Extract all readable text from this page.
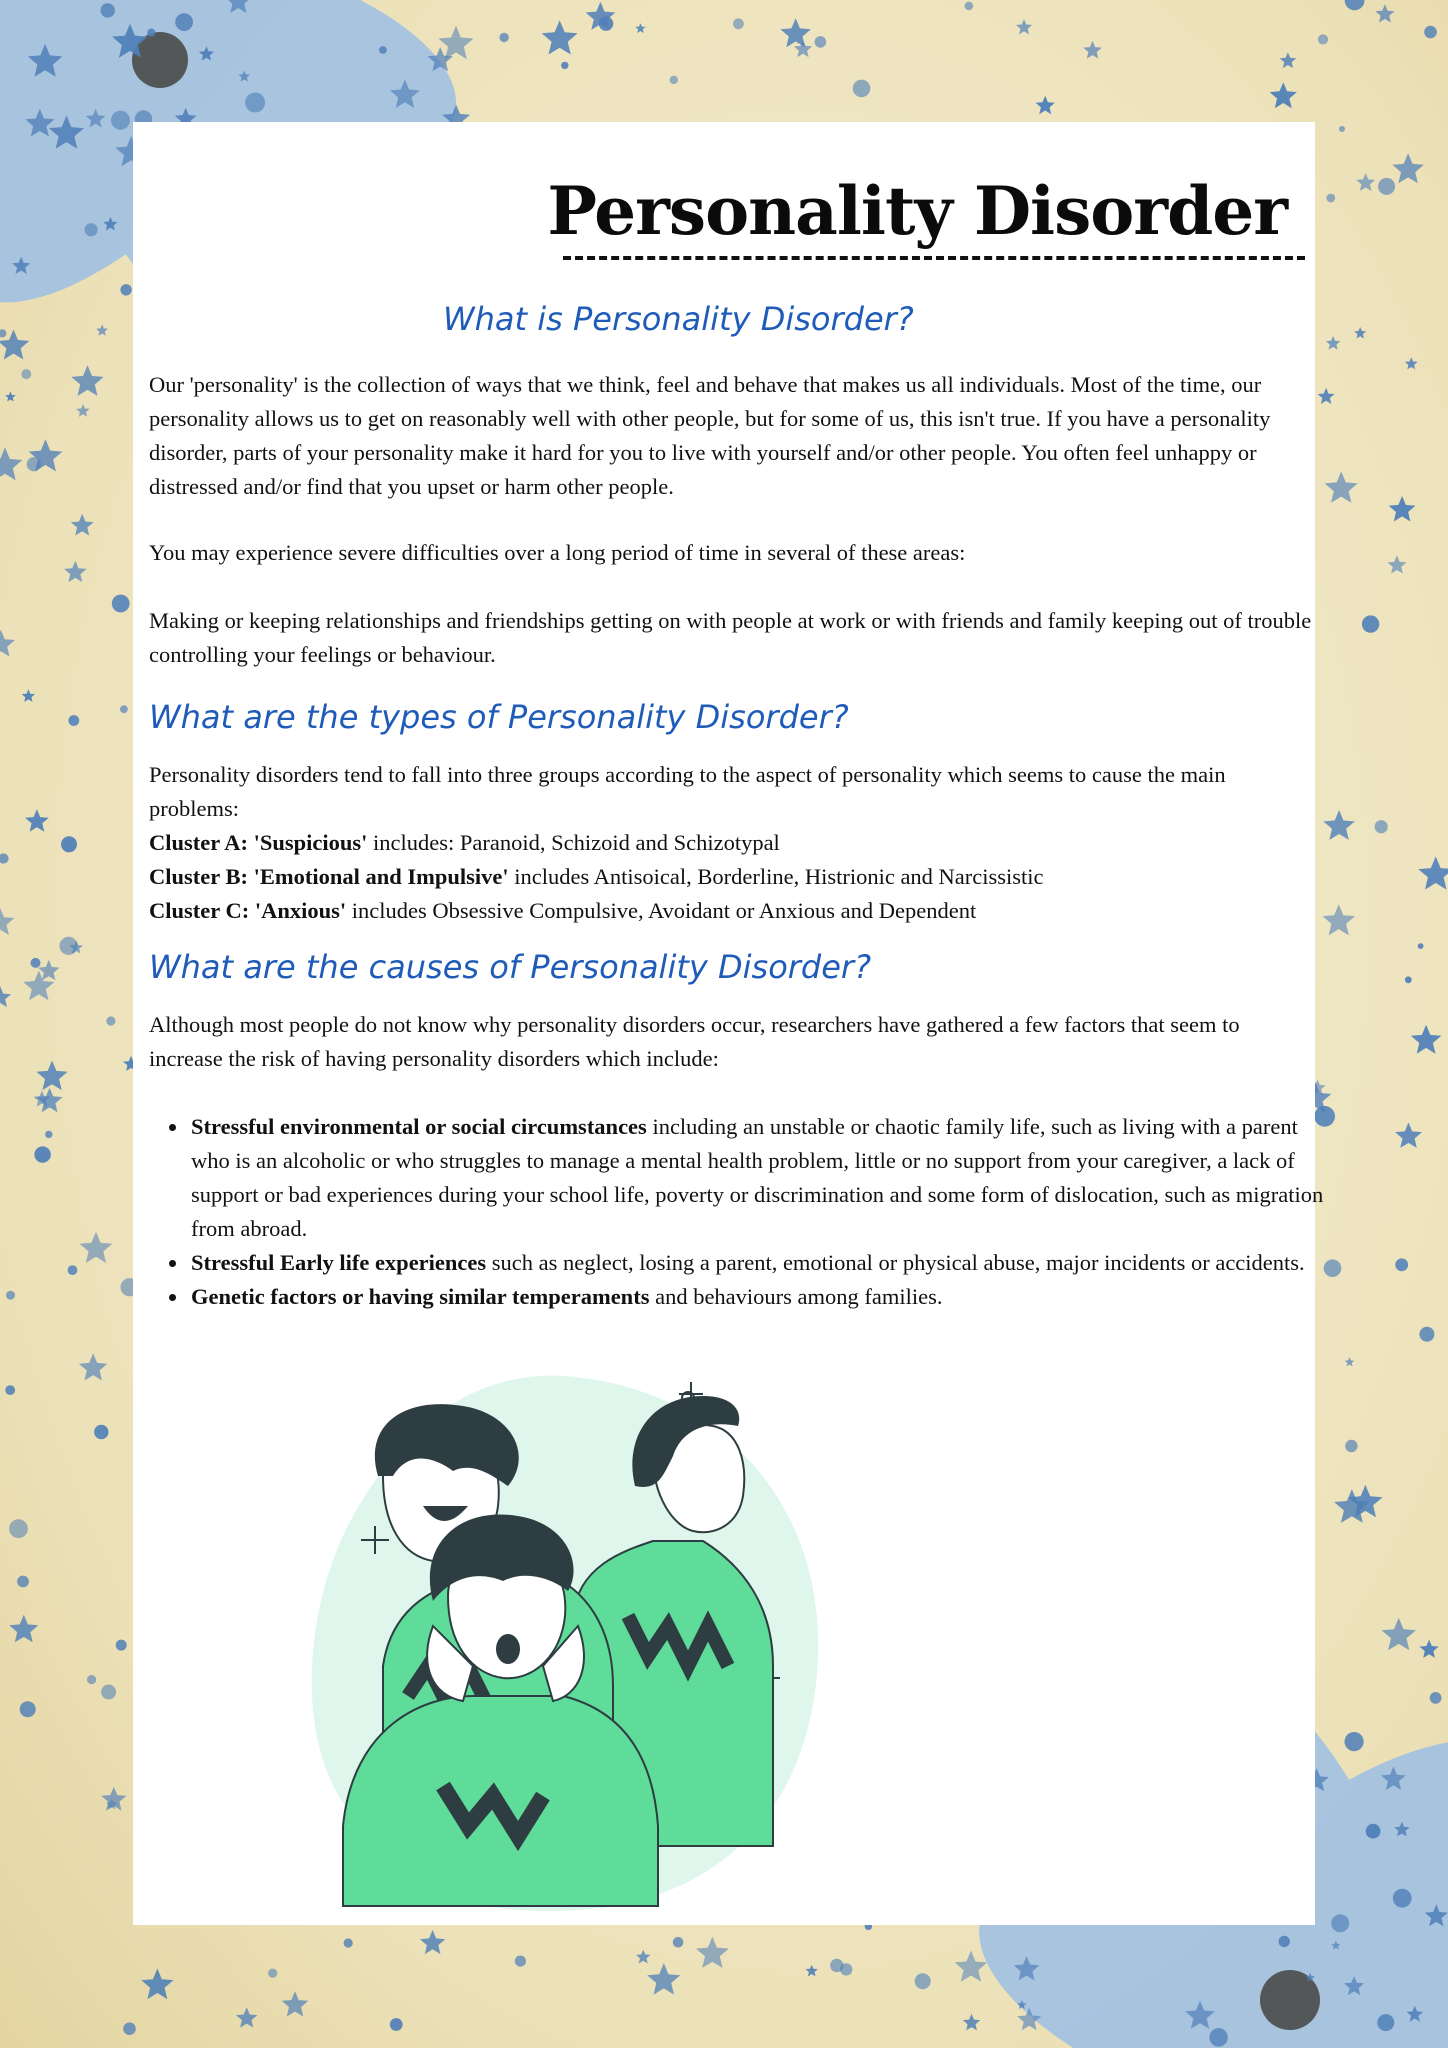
Personality Disorder
What is Personality Disorder?

Our 'personality' is the collection of ways that we think, feel and behave that makes us all individuals. Most of the time, our personality allows us to get on reasonably well with other people, but for some of us, this isn't true. If you have a personality disorder, parts of your personality make it hard for you to live with yourself and/or other people. You often feel unhappy or distressed and/or find that you upset or harm other people.

You may experience severe difficulties over a long period of time in several of these areas:

Making or keeping relationships and friendships getting on with people at work or with friends and family keeping out of trouble controlling your feelings or behaviour.

What are the types of Personality Disorder?

Personality disorders tend to fall into three groups according to the aspect of personality which seems to cause the main problems:

Cluster A: 'Suspicious' includes: Paranoid, Schizoid and Schizotypal

Cluster B: 'Emotional and Impulsive' includes Antisoical, Borderline, Histrionic and Narcissistic

Cluster C: 'Anxious' includes Obsessive Compulsive, Avoidant or Anxious and Dependent

What are the causes of Personality Disorder?

Although most people do not know why personality disorders occur, researchers have gathered a few factors that seem to increase the risk of having personality disorders which include:

• Stressful environmental or social circumstances including an unstable or chaotic family life, such as living with a parent who is an alcoholic or who struggles to manage a mental health problem, little or no support from your caregiver, a lack of support or bad experiences during your school life, poverty or discrimination and some form of dislocation, such as migration from abroad.
• Stressful Early life experiences such as neglect, losing a parent, emotional or physical abuse, major incidents or accidents.
• Genetic factors or having similar temperaments and behaviours among families.
